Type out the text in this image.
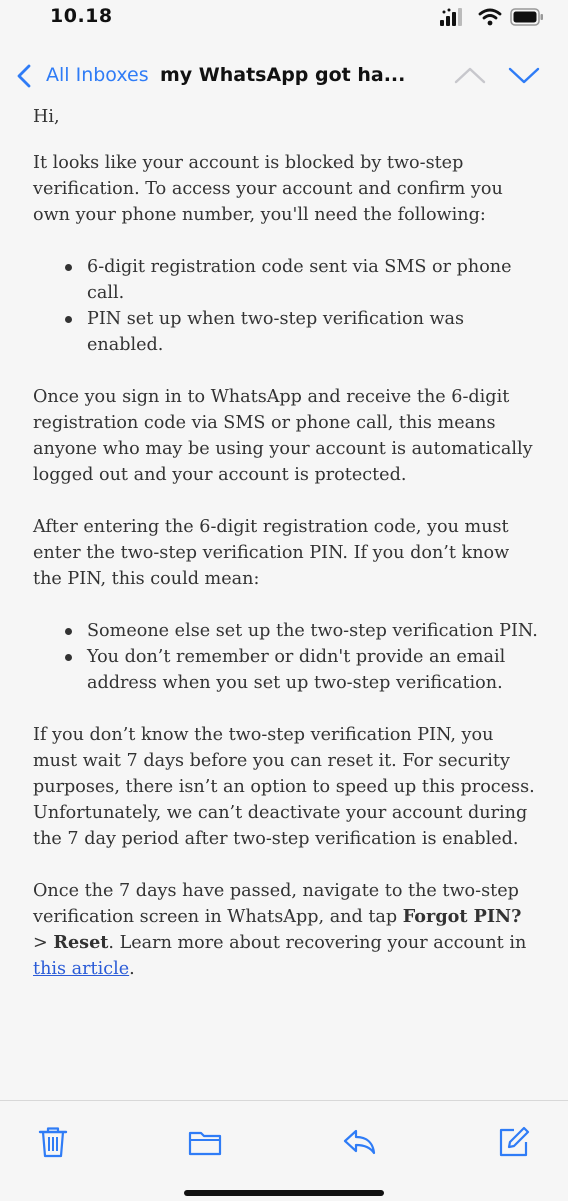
10.18
All Inboxes my WhatsApp got ha...

Hi,

It looks like your account is blocked by two-step verification. To access your account and confirm you own your phone number, you'll need the following:

6-digit registration code sent via SMS or phone call.
PIN set up when two-step verification was enabled.

Once you sign in to WhatsApp and receive the 6-digit registration code via SMS or phone call, this means anyone who may be using your account is automatically logged out and your account is protected.

After entering the 6-digit registration code, you must enter the two-step verification PIN. If you don’t know the PIN, this could mean:

Someone else set up the two-step verification PIN.
You don’t remember or didn't provide an email address when you set up two-step verification.

If you don’t know the two-step verification PIN, you must wait 7 days before you can reset it. For security purposes, there isn’t an option to speed up this process. Unfortunately, we can’t deactivate your account during the 7 day period after two-step verification is enabled.

Once the 7 days have passed, navigate to the two-step verification screen in WhatsApp, and tap Forgot PIN? > Reset. Learn more about recovering your account in this article.
